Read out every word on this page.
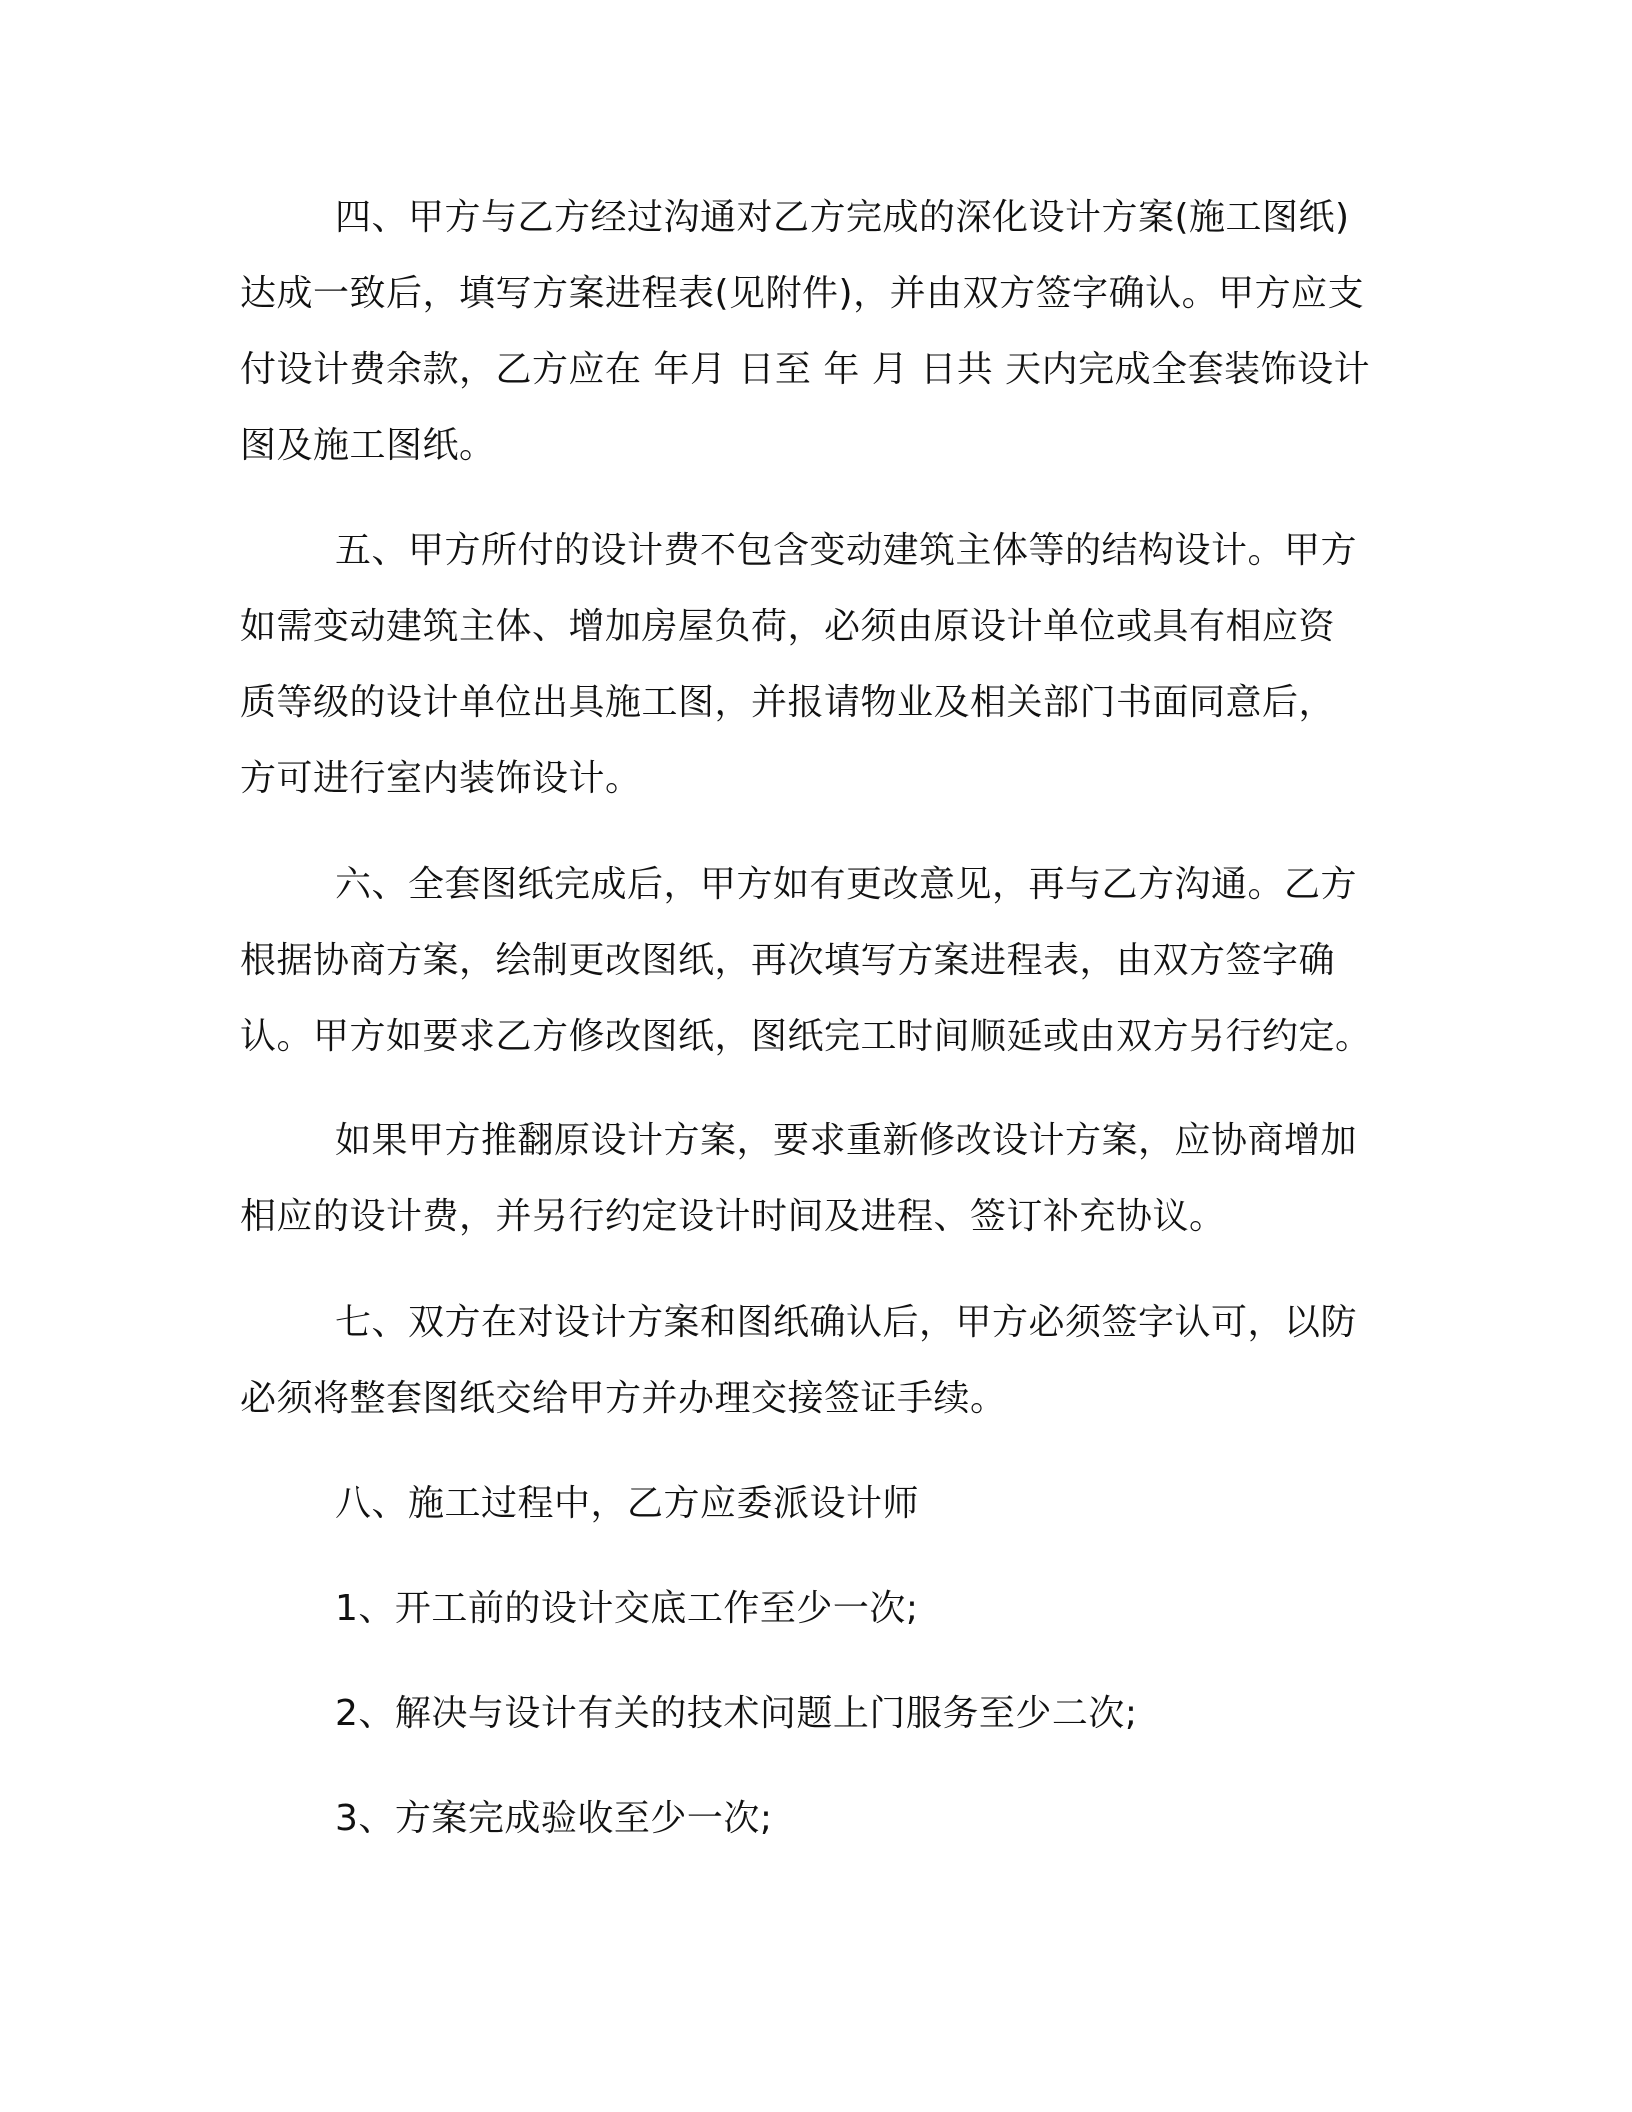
四、甲方与乙方经过沟通对乙方完成的深化设计方案(施工图纸)
达成一致后，填写方案进程表(见附件)，并由双方签字确认。甲方应支
付设计费余款，乙方应在 年月 日至 年 月 日共 天内完成全套装饰设计
图及施工图纸。
五、甲方所付的设计费不包含变动建筑主体等的结构设计。甲方
如需变动建筑主体、增加房屋负荷，必须由原设计单位或具有相应资
质等级的设计单位出具施工图，并报请物业及相关部门书面同意后，
方可进行室内装饰设计。
六、全套图纸完成后，甲方如有更改意见，再与乙方沟通。乙方
根据协商方案，绘制更改图纸，再次填写方案进程表，由双方签字确
认。甲方如要求乙方修改图纸，图纸完工时间顺延或由双方另行约定。
如果甲方推翻原设计方案，要求重新修改设计方案，应协商增加
相应的设计费，并另行约定设计时间及进程、签订补充协议。
七、双方在对设计方案和图纸确认后，甲方必须签字认可，以防
必须将整套图纸交给甲方并办理交接签证手续。
八、施工过程中，乙方应委派设计师
1、开工前的设计交底工作至少一次;
2、解决与设计有关的技术问题上门服务至少二次;
3、方案完成验收至少一次;
